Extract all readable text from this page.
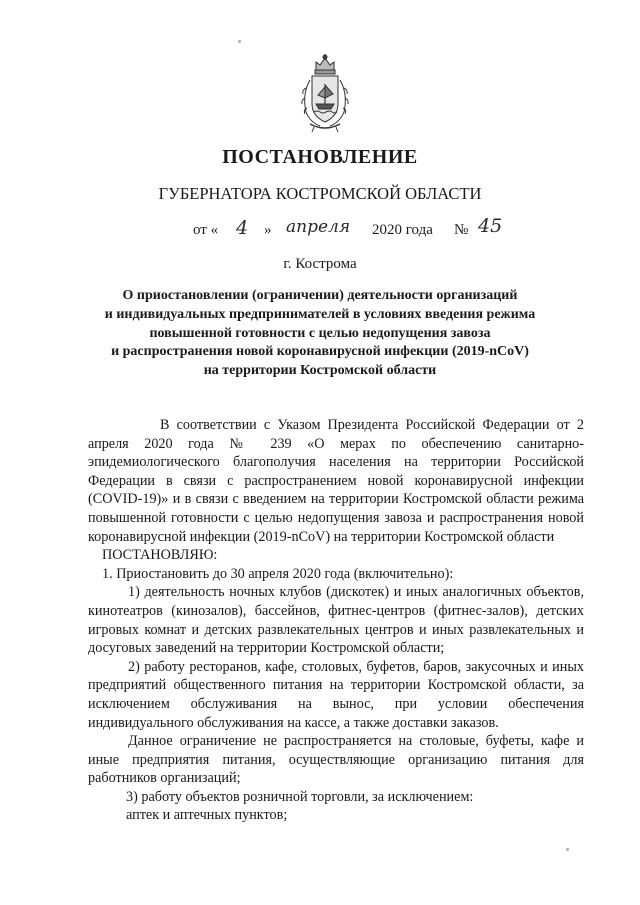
ПОСТАНОВЛЕНИЕ
ГУБЕРНАТОРА КОСТРОМСКОЙ ОБЛАСТИ
от « 4 » апреля 2020 года № 45
г. Кострома
О приостановлении (ограничении) деятельности организаций
и индивидуальных предпринимателей в условиях введения режима
повышенной готовности с целью недопущения завоза
и распространения новой коронавирусной инфекции (2019-nCoV)
на территории Костромской области

В соответствии с Указом Президента Российской Федерации от 2 апреля 2020 года № 239 «О мерах по обеспечению санитарно-эпидемиологического благополучия населения на территории Российской Федерации в связи с распространением новой коронавирусной инфекции (COVID-19)» и в связи с введением на территории Костромской области режима повышенной готовности с целью недопущения завоза и распространения новой коронавирусной инфекции (2019-nCoV) на территории Костромской области

ПОСТАНОВЛЯЮ:

1. Приостановить до 30 апреля 2020 года (включительно):

1) деятельность ночных клубов (дискотек) и иных аналогичных объектов, кинотеатров (кинозалов), бассейнов, фитнес-центров (фитнес-залов), детских игровых комнат и детских развлекательных центров и иных развлекательных и досуговых заведений на территории Костромской области;

2) работу ресторанов, кафе, столовых, буфетов, баров, закусочных и иных предприятий общественного питания на территории Костромской области, за исключением обслуживания на вынос, при условии обеспечения индивидуального обслуживания на кассе, а также доставки заказов.

Данное ограничение не распространяется на столовые, буфеты, кафе и иные предприятия питания, осуществляющие организацию питания для работников организаций;

3) работу объектов розничной торговли, за исключением:

аптек и аптечных пунктов;
